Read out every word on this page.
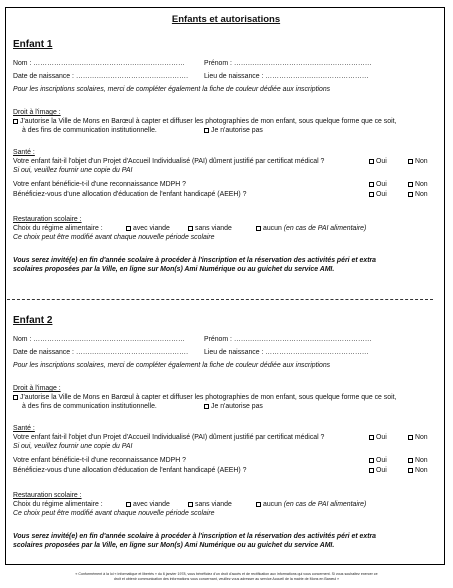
Enfants et autorisations
Enfant 1
Nom : …………………………………………………………	Prénom : ……………………………………………………
Date de naissance : …………………………………………. Lieu de naissance : ………………………………………
Pour les inscriptions scolaires, merci de compléter également la fiche de couleur dédiée aux inscriptions
Droit à l'image :
J'autorise la Ville de Mons en Barœul à capter et diffuser les photographies de mon enfant, sous quelque forme que ce soit,
à des fins de communication institutionnelle.	Je n'autorise pas
Santé :
Votre enfant fait-il l'objet d'un Projet d'Accueil Individualisé (PAI) dûment justifié par certificat médical ?	Oui	Non
Si oui, veuillez fournir une copie du PAI
Votre enfant bénéficie-t-il d'une reconnaissance MDPH ?	Oui	Non
Bénéficiez-vous d'une allocation d'éducation de l'enfant handicapé (AEEH) ?	Oui	Non
Restauration scolaire :
Choix du régime alimentaire :	avec viande	sans viande	aucun (en cas de PAI alimentaire)
Ce choix peut être modifié avant chaque nouvelle période scolaire
Vous serez invité(e) en fin d'année scolaire à procéder à l'inscription et la réservation des activités péri et extra
scolaires proposées par la Ville, en ligne sur Mon(s) Ami Numérique ou au guichet du service AMI.
Enfant 2
Nom : …………………………………………………………	Prénom : ……………………………………………………
Date de naissance : …………………………………………. Lieu de naissance : ………………………………………
Pour les inscriptions scolaires, merci de compléter également la fiche de couleur dédiée aux inscriptions
Droit à l'image :
J'autorise la Ville de Mons en Barœul à capter et diffuser les photographies de mon enfant, sous quelque forme que ce soit,
à des fins de communication institutionnelle.	Je n'autorise pas
Santé :
Votre enfant fait-il l'objet d'un Projet d'Accueil Individualisé (PAI) dûment justifié par certificat médical ?	Oui	Non
Si oui, veuillez fournir une copie du PAI
Votre enfant bénéficie-t-il d'une reconnaissance MDPH ?	Oui	Non
Bénéficiez-vous d'une allocation d'éducation de l'enfant handicapé (AEEH) ?	Oui	Non
Restauration scolaire :
Choix du régime alimentaire :	avec viande	sans viande	aucun (en cas de PAI alimentaire)
Ce choix peut être modifié avant chaque nouvelle période scolaire
Vous serez invité(e) en fin d'année scolaire à procéder à l'inscription et la réservation des activités péri et extra
scolaires proposées par la Ville, en ligne sur Mon(s) Ami Numérique ou au guichet du service AMI.
« Conformément à la loi « informatique et libertés » du 6 janvier 1978, vous bénéficiez d'un droit d'accès et de rectification aux informations qui vous concernent. Si vous souhaitez exercer ce
droit et obtenir communication des informations vous concernant, veuillez vous adresser au service Accueil de la mairie de Mons en Barœul »
